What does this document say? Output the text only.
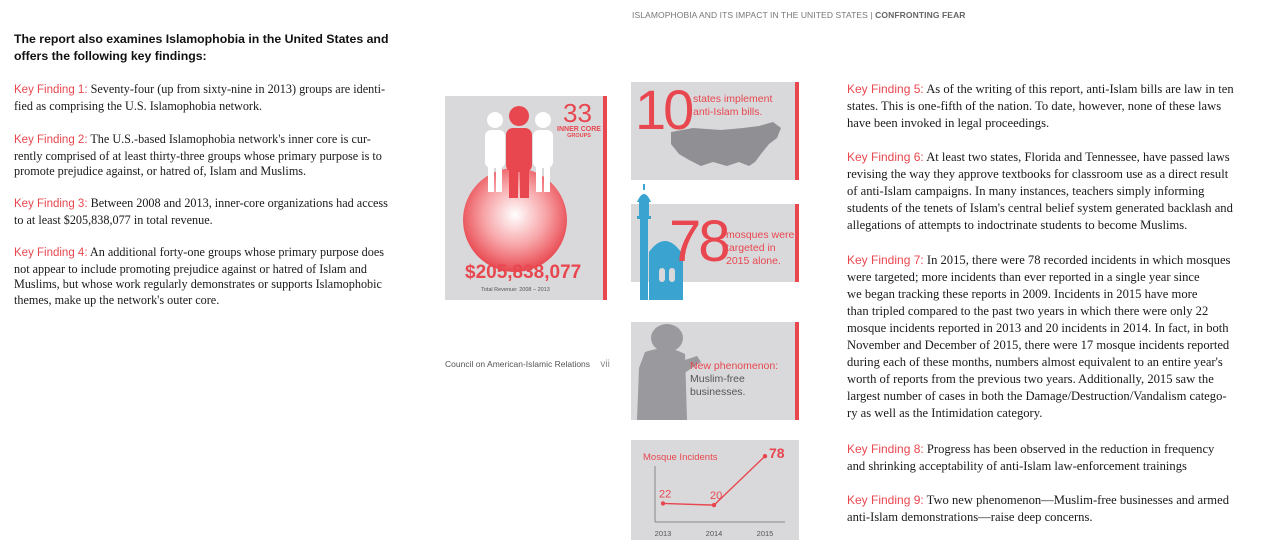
ISLAMOPHOBIA AND ITS IMPACT IN THE UNITED STATES | CONFRONTING FEAR
The report also examines Islamophobia in the United States and offers the following key findings:
Key Finding 1: Seventy-four (up from sixty-nine in 2013) groups are identi-
fied as comprising the U.S. Islamophobia network.
Key Finding 2: The U.S.-based Islamophobia network's inner core is cur-
rently comprised of at least thirty-three groups whose primary purpose is to
promote prejudice against, or hatred of, Islam and Muslims.
Key Finding 3: Between 2008 and 2013, inner-core organizations had access
to at least $205,838,077 in total revenue.
Key Finding 4: An additional forty-one groups whose primary purpose does
not appear to include promoting prejudice against or hatred of Islam and
Muslims, but whose work regularly demonstrates or supports Islamophobic
themes, make up the network's outer core.
33
INNER CORE
GROUPS
$205,838,077
Total Revenue: 2008 – 2013
Council on American-Islamic Relations vii
10 states implement
anti-Islam bills.
78
mosques were
targeted in
2015 alone.
New phenomenon:
Muslim-free
businesses.
Mosque Incidents
22
2013
20
2014
78
2015
Key Finding 5: As of the writing of this report, anti-Islam bills are law in ten
states. This is one-fifth of the nation. To date, however, none of these laws
have been invoked in legal proceedings.
Key Finding 6: At least two states, Florida and Tennessee, have passed laws
revising the way they approve textbooks for classroom use as a direct result
of anti-Islam campaigns. In many instances, teachers simply informing
students of the tenets of Islam's central belief system generated backlash and
allegations of attempts to indoctrinate students to become Muslims.
Key Finding 7: In 2015, there were 78 recorded incidents in which mosques
were targeted; more incidents than ever reported in a single year since
we began tracking these reports in 2009. Incidents in 2015 have more
than tripled compared to the past two years in which there were only 22
mosque incidents reported in 2013 and 20 incidents in 2014. In fact, in both
November and December of 2015, there were 17 mosque incidents reported
during each of these months, numbers almost equivalent to an entire year's
worth of reports from the previous two years. Additionally, 2015 saw the
largest number of cases in both the Damage/Destruction/Vandalism catego-
ry as well as the Intimidation category.
Key Finding 8: Progress has been observed in the reduction in frequency
and shrinking acceptability of anti-Islam law-enforcement trainings
Key Finding 9: Two new phenomenon—Muslim-free businesses and armed
anti-Islam demonstrations—raise deep concerns.
